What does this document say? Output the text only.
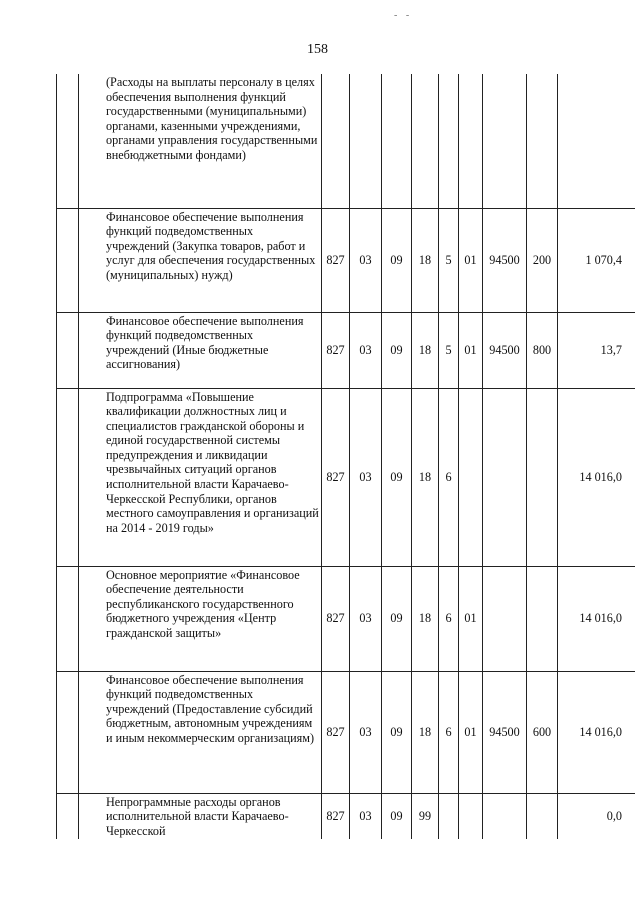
158
- -
	(Расходы на выплаты персоналу в целях обеспечения выполнения функций государственными (муниципальными) органами, казенными учреждениями, органами управления государственными внебюджетными фондами)									
	Финансовое обеспечение выполнения функций подведомственных учреждений (Закупка товаров, работ и услуг для обеспечения государственных (муниципальных) нужд)	827	03	09	18	5	01	94500	200	1 070,4
	Финансовое обеспечение выполнения функций подведомственных учреждений (Иные бюджетные ассигнования)	827	03	09	18	5	01	94500	800	13,7
	Подпрограмма «Повышение квалификации должностных лиц и специалистов гражданской обороны и единой государственной системы предупреждения и ликвидации чрезвычайных ситуаций органов исполнительной власти Карачаево-Черкесской Республики, органов местного самоуправления и организаций на 2014 - 2019 годы»	827	03	09	18	6				14 016,0
	Основное мероприятие «Финансовое обеспечение деятельности республиканского государственного бюджетного учреждения «Центр гражданской защиты»	827	03	09	18	6	01			14 016,0
	Финансовое обеспечение выполнения функций подведомственных учреждений (Предоставление субсидий бюджетным, автономным учреждениям и иным некоммерческим организациям)	827	03	09	18	6	01	94500	600	14 016,0
	Непрограммные расходы органов исполнительной власти Карачаево-Черкесской	827	03	09	99					0,0
